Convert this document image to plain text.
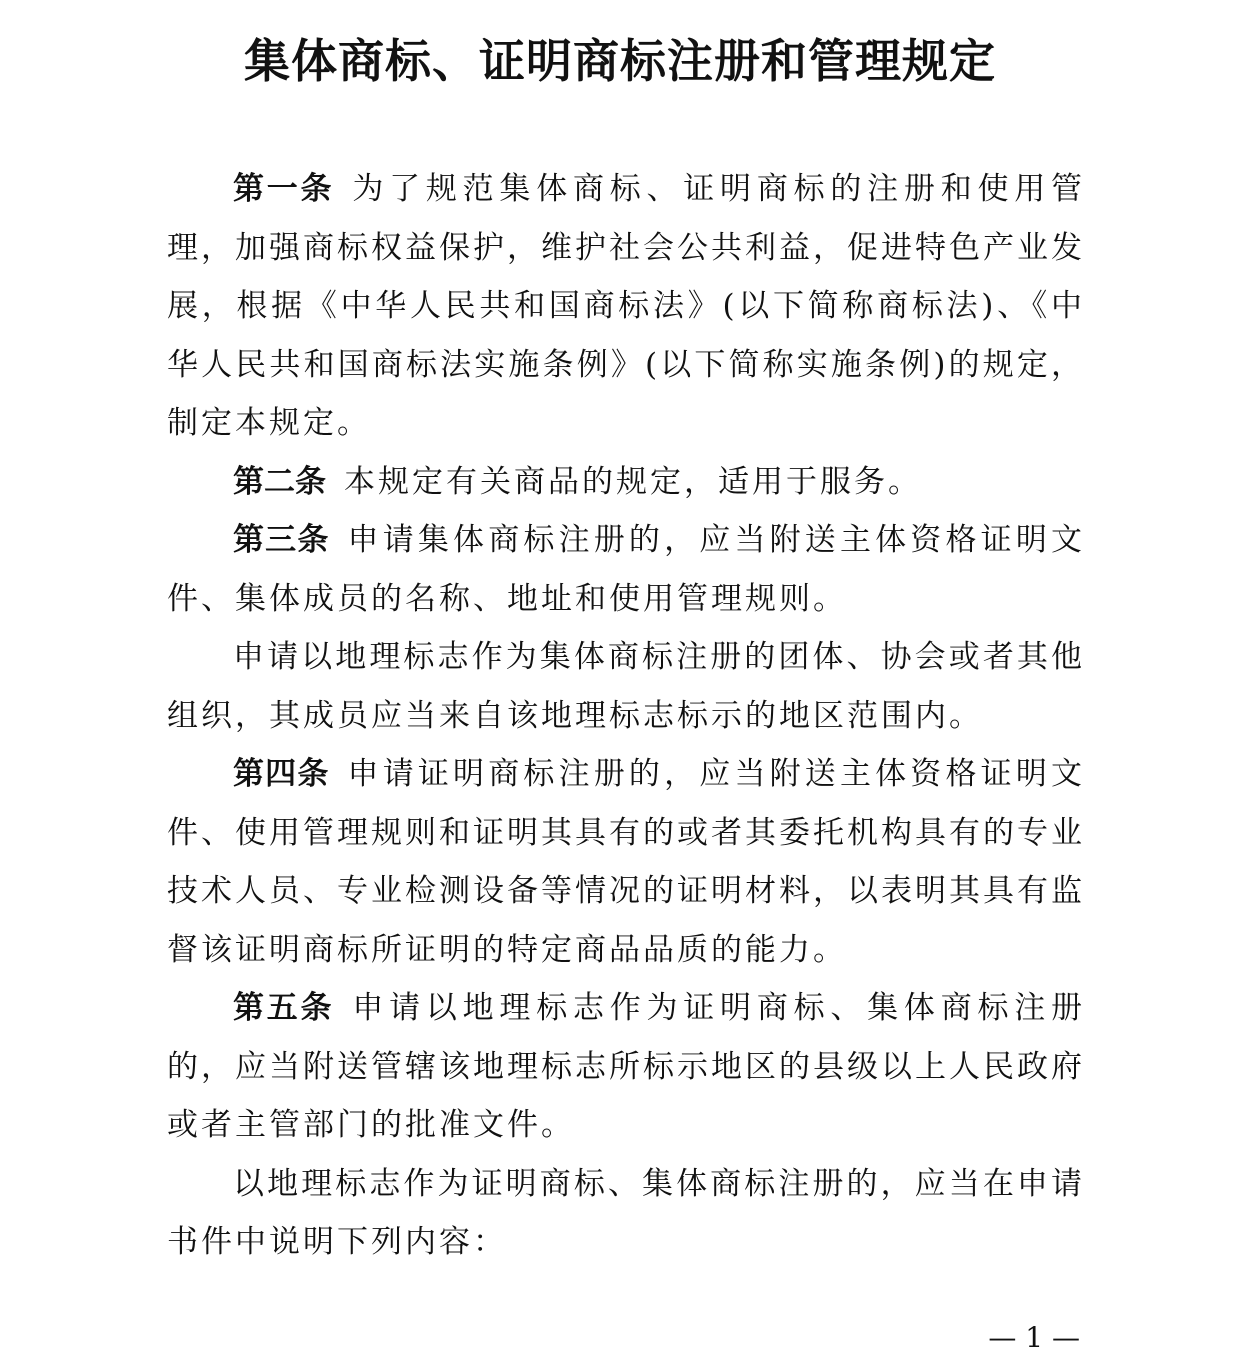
集体商标、证明商标注册和管理规定

第一条 为了规范集体商标、证明商标的注册和使用管理，加强商标权益保护，维护社会公共利益，促进特色产业发展，根据《中华人民共和国商标法》(以下简称商标法)、《中华人民共和国商标法实施条例》(以下简称实施条例)的规定，制定本规定。

第二条 本规定有关商品的规定，适用于服务。

第三条 申请集体商标注册的，应当附送主体资格证明文件、集体成员的名称、地址和使用管理规则。

申请以地理标志作为集体商标注册的团体、协会或者其他组织，其成员应当来自该地理标志标示的地区范围内。

第四条 申请证明商标注册的，应当附送主体资格证明文件、使用管理规则和证明其具有的或者其委托机构具有的专业技术人员、专业检测设备等情况的证明材料，以表明其具有监督该证明商标所证明的特定商品品质的能力。

第五条 申请以地理标志作为证明商标、集体商标注册的，应当附送管辖该地理标志所标示地区的县级以上人民政府或者主管部门的批准文件。

以地理标志作为证明商标、集体商标注册的，应当在申请书件中说明下列内容：

— 1 —
